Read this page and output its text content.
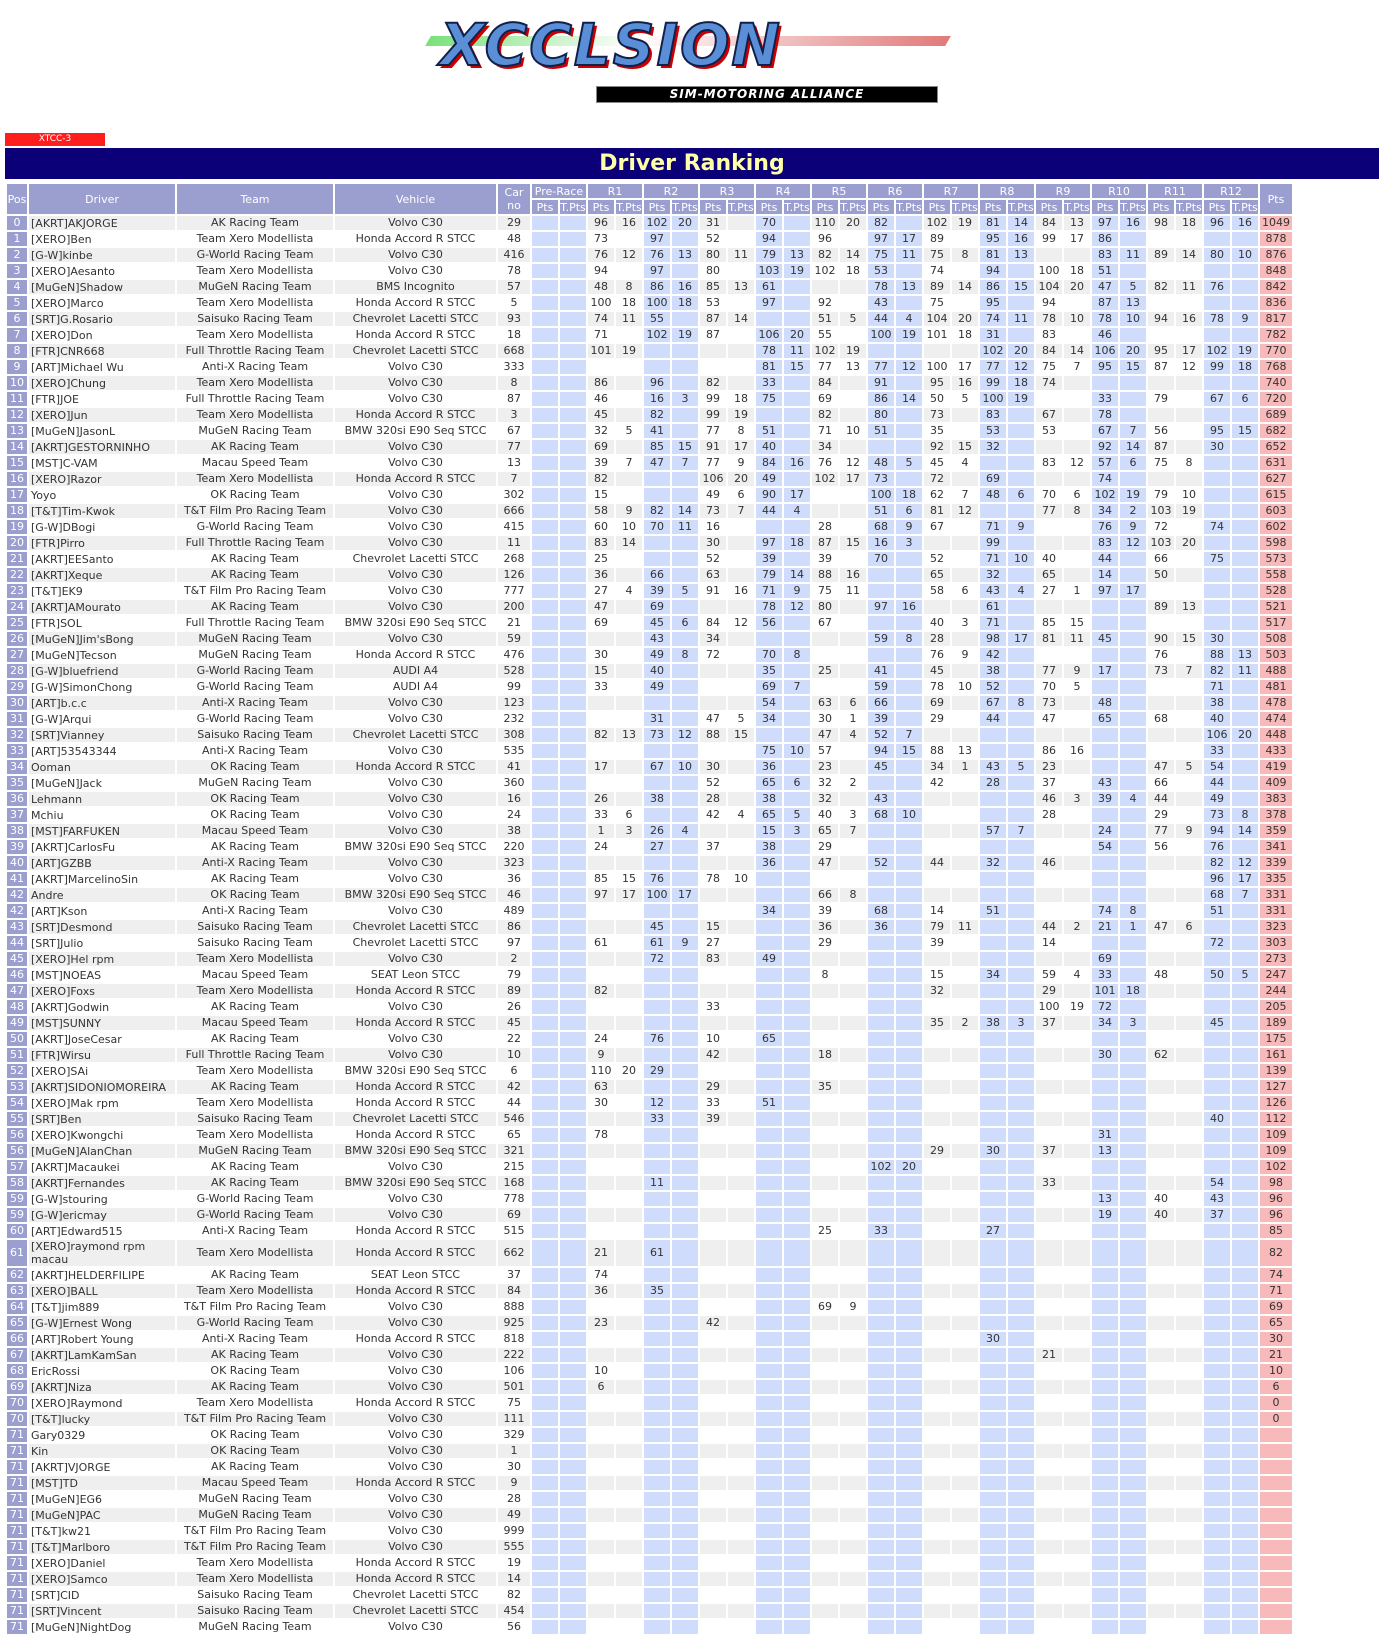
XCCLSION
SIM-MOTORING ALLIANCE
XTCC-3
Driver Ranking
Pos	Driver	Team	Vehicle	Car no	Pre-Race		R1		R2		R3		R4		R5		R6		R7		R8		R9		R10		R11		R12		Pts
					Pts	T.Pts	Pts	T.Pts	Pts	T.Pts	Pts	T.Pts	Pts	T.Pts	Pts	T.Pts	Pts	T.Pts	Pts	T.Pts	Pts	T.Pts	Pts	T.Pts	Pts	T.Pts	Pts	T.Pts	Pts	T.Pts	
0	[AKRT]AKJORGE	AK Racing Team	Volvo C30	29			96	16	102	20	31		70		110	20	82		102	19	81	14	84	13	97	16	98	18	96	16	1049
1	[XERO]Ben	Team Xero Modellista	Honda Accord R STCC	48			73		97		52		94		96		97	17	89		95	16	99	17	86						878
2	[G-W]kinbe	G-World Racing Team	Volvo C30	416			76	12	76	13	80	11	79	13	82	14	75	11	75	8	81	13			83	11	89	14	80	10	876
3	[XERO]Aesanto	Team Xero Modellista	Volvo C30	78			94		97		80		103	19	102	18	53		74		94		100	18	51						848
4	[MuGeN]Shadow	MuGeN Racing Team	BMS Incognito	57			48	8	86	16	85	13	61				78	13	89	14	86	15	104	20	47	5	82	11	76		842
5	[XERO]Marco	Team Xero Modellista	Honda Accord R STCC	5			100	18	100	18	53		97		92		43		75		95		94		87	13					836
6	[SRT]G.Rosario	Saisuko Racing Team	Chevrolet Lacetti STCC	93			74	11	55		87	14			51	5	44	4	104	20	74	11	78	10	78	10	94	16	78	9	817
7	[XERO]Don	Team Xero Modellista	Honda Accord R STCC	18			71		102	19	87		106	20	55		100	19	101	18	31		83		46						782
8	[FTR]CNR668	Full Throttle Racing Team	Chevrolet Lacetti STCC	668			101	19					78	11	102	19					102	20	84	14	106	20	95	17	102	19	770
9	[ART]Michael Wu	Anti-X Racing Team	Volvo C30	333									81	15	77	13	77	12	100	17	77	12	75	7	95	15	87	12	99	18	768
10	[XERO]Chung	Team Xero Modellista	Volvo C30	8			86		96		82		33		84		91		95	16	99	18	74								740
11	[FTR]JOE	Full Throttle Racing Team	Volvo C30	87			46		16	3	99	18	75		69		86	14	50	5	100	19			33		79		67	6	720
12	[XERO]Jun	Team Xero Modellista	Honda Accord R STCC	3			45		82		99	19			82		80		73		83		67		78						689
13	[MuGeN]JasonL	MuGeN Racing Team	BMW 320si E90 Seq STCC	67			32	5	41		77	8	51		71	10	51		35		53		53		67	7	56		95	15	682
14	[AKRT]GESTORNINHO	AK Racing Team	Volvo C30	77			69		85	15	91	17	40		34				92	15	32				92	14	87		30		652
15	[MST]C-VAM	Macau Speed Team	Volvo C30	13			39	7	47	7	77	9	84	16	76	12	48	5	45	4			83	12	57	6	75	8			631
16	[XERO]Razor	Team Xero Modellista	Honda Accord R STCC	7			82				106	20	49		102	17	73		72		69				74						627
17	Yoyo	OK Racing Team	Volvo C30	302			15				49	6	90	17			100	18	62	7	48	6	70	6	102	19	79	10			615
18	[T&T]Tim-Kwok	T&T Film Pro Racing Team	Volvo C30	666			58	9	82	14	73	7	44	4			51	6	81	12			77	8	34	2	103	19			603
19	[G-W]DBogi	G-World Racing Team	Volvo C30	415			60	10	70	11	16				28		68	9	67		71	9			76	9	72		74		602
20	[FTR]Pirro	Full Throttle Racing Team	Volvo C30	11			83	14			30		97	18	87	15	16	3			99				83	12	103	20			598
21	[AKRT]EESanto	AK Racing Team	Chevrolet Lacetti STCC	268			25				52		39		39		70		52		71	10	40		44		66		75		573
22	[AKRT]Xeque	AK Racing Team	Volvo C30	126			36		66		63		79	14	88	16			65		32		65		14		50				558
23	[T&T]EK9	T&T Film Pro Racing Team	Volvo C30	777			27	4	39	5	91	16	71	9	75	11			58	6	43	4	27	1	97	17					528
24	[AKRT]AMourato	AK Racing Team	Volvo C30	200			47		69				78	12	80		97	16			61						89	13			521
25	[FTR]SOL	Full Throttle Racing Team	BMW 320si E90 Seq STCC	21			69		45	6	84	12	56		67				40	3	71		85	15							517
26	[MuGeN]Jim'sBong	MuGeN Racing Team	Volvo C30	59					43		34						59	8	28		98	17	81	11	45		90	15	30		508
27	[MuGeN]Tecson	MuGeN Racing Team	Honda Accord R STCC	476			30		49	8	72		70	8					76	9	42						76		88	13	503
28	[G-W]bluefriend	G-World Racing Team	AUDI A4	528			15		40				35		25		41		45		38		77	9	17		73	7	82	11	488
29	[G-W]SimonChong	G-World Racing Team	AUDI A4	99			33		49				69	7			59		78	10	52		70	5					71		481
30	[ART]b.c.c	Anti-X Racing Team	Volvo C30	123									54		63	6	66		69		67	8	73		48				38		478
31	[G-W]Arqui	G-World Racing Team	Volvo C30	232					31		47	5	34		30	1	39		29		44		47		65		68		40		474
32	[SRT]Vianney	Saisuko Racing Team	Chevrolet Lacetti STCC	308			82	13	73	12	88	15			47	4	52	7											106	20	448
33	[ART]53543344	Anti-X Racing Team	Volvo C30	535									75	10	57		94	15	88	13			86	16					33		433
34	Ooman	OK Racing Team	Honda Accord R STCC	41			17		67	10	30		36		23		45		34	1	43	5	23				47	5	54		419
35	[MuGeN]Jack	MuGeN Racing Team	Volvo C30	360							52		65	6	32	2			42		28		37		43		66		44		409
36	Lehmann	OK Racing Team	Volvo C30	16			26		38		28		38		32		43						46	3	39	4	44		49		383
37	Mchiu	OK Racing Team	Volvo C30	24			33	6			42	4	65	5	40	3	68	10					28				29		73	8	378
38	[MST]FARFUKEN	Macau Speed Team	Volvo C30	38			1	3	26	4			15	3	65	7					57	7			24		77	9	94	14	359
39	[AKRT]CarlosFu	AK Racing Team	BMW 320si E90 Seq STCC	220			24		27		37		38		29										54		56		76		341
40	[ART]GZBB	Anti-X Racing Team	Volvo C30	323									36		47		52		44		32		46						82	12	339
41	[AKRT]MarcelinoSin	AK Racing Team	Volvo C30	36			85	15	76		78	10																	96	17	335
42	Andre	OK Racing Team	BMW 320si E90 Seq STCC	46			97	17	100	17					66	8													68	7	331
42	[ART]Kson	Anti-X Racing Team	Volvo C30	489									34		39		68		14		51				74	8			51		331
43	[SRT]Desmond	Saisuko Racing Team	Chevrolet Lacetti STCC	86					45		15				36		36		79	11			44	2	21	1	47	6			323
44	[SRT]Julio	Saisuko Racing Team	Chevrolet Lacetti STCC	97			61		61	9	27				29				39				14						72		303
45	[XERO]Hel rpm	Team Xero Modellista	Volvo C30	2					72		83		49												69						273
46	[MST]NOEAS	Macau Speed Team	SEAT Leon STCC	79											8				15		34		59	4	33		48		50	5	247
47	[XERO]Foxs	Team Xero Modellista	Honda Accord R STCC	89			82												32				29		101	18					244
48	[AKRT]Godwin	AK Racing Team	Volvo C30	26							33												100	19	72						205
49	[MST]SUNNY	Macau Speed Team	Honda Accord R STCC	45															35	2	38	3	37		34	3			45		189
50	[AKRT]JoseCesar	AK Racing Team	Volvo C30	22			24		76		10		65																		175
51	[FTR]Wirsu	Full Throttle Racing Team	Volvo C30	10			9				42				18										30		62				161
52	[XERO]SAi	Team Xero Modellista	BMW 320si E90 Seq STCC	6			110	20	29																						139
53	[AKRT]SIDONIOMOREIRA	AK Racing Team	Honda Accord R STCC	42			63				29				35																127
54	[XERO]Mak rpm	Team Xero Modellista	Honda Accord R STCC	44			30		12		33		51																		126
55	[SRT]Ben	Saisuko Racing Team	Chevrolet Lacetti STCC	546					33		39																		40		112
56	[XERO]Kwongchi	Team Xero Modellista	Honda Accord R STCC	65			78																		31						109
56	[MuGeN]AlanChan	MuGeN Racing Team	BMW 320si E90 Seq STCC	321															29		30		37		13						109
57	[AKRT]Macaukei	AK Racing Team	Volvo C30	215													102	20													102
58	[AKRT]Fernandes	AK Racing Team	BMW 320si E90 Seq STCC	168					11														33						54		98
59	[G-W]stouring	G-World Racing Team	Volvo C30	778																					13		40		43		96
59	[G-W]ericmay	G-World Racing Team	Volvo C30	69																					19		40		37		96
60	[ART]Edward515	Anti-X Racing Team	Honda Accord R STCC	515											25		33				27										85
61	[XERO]raymond rpm macau	Team Xero Modellista	Honda Accord R STCC	662			21		61																						82
62	[AKRT]HELDERFILIPE	AK Racing Team	SEAT Leon STCC	37			74																								74
63	[XERO]BALL	Team Xero Modellista	Honda Accord R STCC	84			36		35																						71
64	[T&T]jim889	T&T Film Pro Racing Team	Volvo C30	888											69	9															69
65	[G-W]Ernest Wong	G-World Racing Team	Volvo C30	925			23				42																				65
66	[ART]Robert Young	Anti-X Racing Team	Honda Accord R STCC	818																	30										30
67	[AKRT]LamKamSan	AK Racing Team	Volvo C30	222																			21								21
68	EricRossi	OK Racing Team	Volvo C30	106			10																								10
69	[AKRT]Niza	AK Racing Team	Volvo C30	501			6																								6
70	[XERO]Raymond	Team Xero Modellista	Honda Accord R STCC	75																											0
70	[T&T]lucky	T&T Film Pro Racing Team	Volvo C30	111																											0
71	Gary0329	OK Racing Team	Volvo C30	329																											
71	Kin	OK Racing Team	Volvo C30	1																											
71	[AKRT]VJORGE	AK Racing Team	Volvo C30	30																											
71	[MST]TD	Macau Speed Team	Honda Accord R STCC	9																											
71	[MuGeN]EG6	MuGeN Racing Team	Volvo C30	28																											
71	[MuGeN]PAC	MuGeN Racing Team	Volvo C30	49																											
71	[T&T]kw21	T&T Film Pro Racing Team	Volvo C30	999																											
71	[T&T]Marlboro	T&T Film Pro Racing Team	Volvo C30	555																											
71	[XERO]Daniel	Team Xero Modellista	Honda Accord R STCC	19																											
71	[XERO]Samco	Team Xero Modellista	Honda Accord R STCC	14																											
71	[SRT]CID	Saisuko Racing Team	Chevrolet Lacetti STCC	82																											
71	[SRT]Vincent	Saisuko Racing Team	Chevrolet Lacetti STCC	454																											
71	[MuGeN]NightDog	MuGeN Racing Team	Volvo C30	56																											
